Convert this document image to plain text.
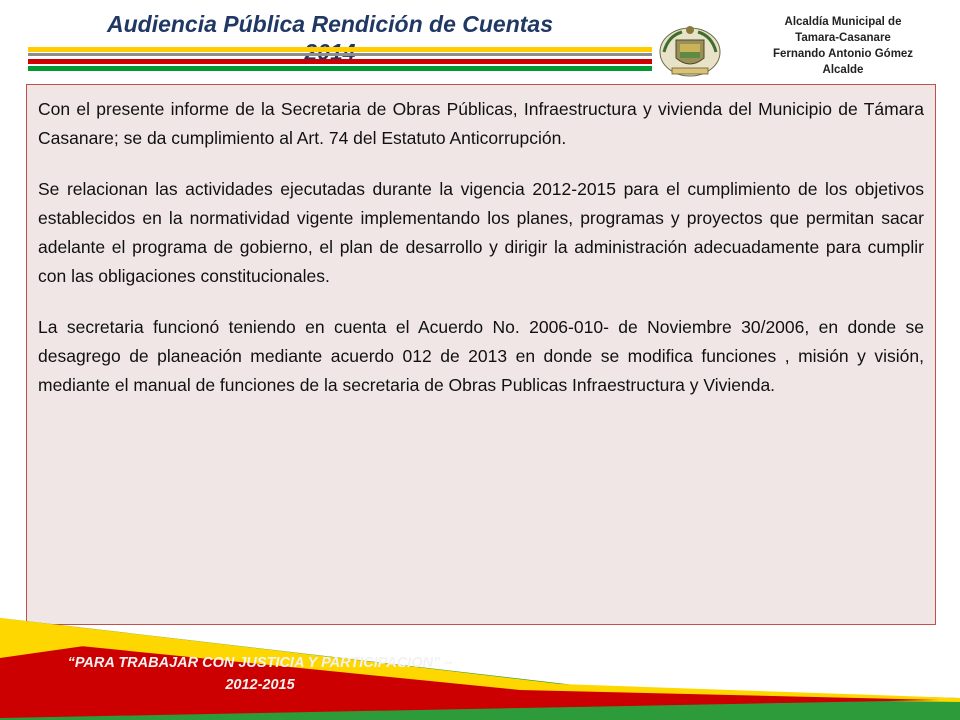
Audiencia Pública Rendición de Cuentas	Alcaldía Municipal de
Tamara-Casanare
Fernando Antonio Gómez
Alcalde

Con el presente informe de la Secretaria de Obras Públicas, Infraestructura y vivienda del Municipio de Támara Casanare; se da cumplimiento al Art. 74 del Estatuto Anticorrupción.

Se relacionan las actividades ejecutadas durante la vigencia 2012-2015 para el cumplimiento de los objetivos establecidos en la normatividad vigente implementando los planes, programas y proyectos que permitan sacar adelante el programa de gobierno, el plan de desarrollo y dirigir la administración adecuadamente para cumplir con las obligaciones constitucionales.

La secretaria funcionó teniendo en cuenta el Acuerdo No. 2006-010- de Noviembre 30/2006, en donde se desagrego de planeación mediante acuerdo 012 de 2013 en donde se modifica funciones , misión y visión, mediante el manual de funciones de la secretaria de Obras Publicas Infraestructura y Vivienda.

“PARA TRABAJAR CON JUSTICIA Y PARTICIPACION” –
2012-2015
